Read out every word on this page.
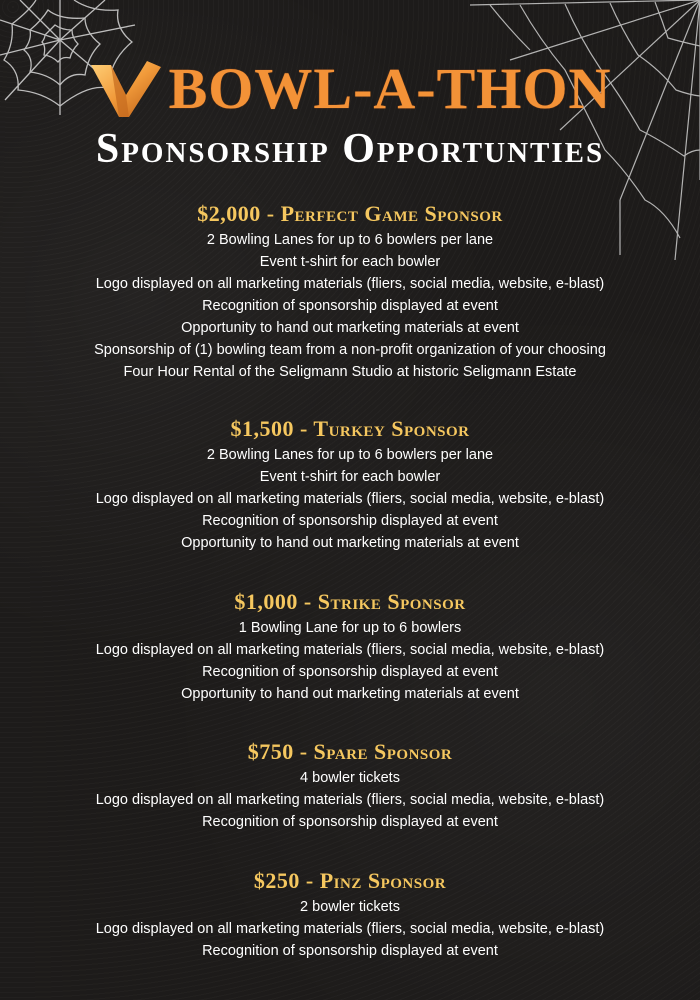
BOWL-A-THON
Sponsorship Opportunties
$2,000 - Perfect Game Sponsor
2 Bowling Lanes for up to 6 bowlers per lane
Event t-shirt for each bowler
Logo displayed on all marketing materials (fliers, social media, website, e-blast)
Recognition of sponsorship displayed at event
Opportunity to hand out marketing materials at event
Sponsorship of (1) bowling team from a non-profit organization of your choosing
Four Hour Rental of the Seligmann Studio at historic Seligmann Estate
$1,500 - Turkey Sponsor
2 Bowling Lanes for up to 6 bowlers per lane
Event t-shirt for each bowler
Logo displayed on all marketing materials (fliers, social media, website, e-blast)
Recognition of sponsorship displayed at event
Opportunity to hand out marketing materials at event
$1,000 - Strike Sponsor
1 Bowling Lane for up to 6 bowlers
Logo displayed on all marketing materials (fliers, social media, website, e-blast)
Recognition of sponsorship displayed at event
Opportunity to hand out marketing materials at event
$750 - Spare Sponsor
4 bowler tickets
Logo displayed on all marketing materials (fliers, social media, website, e-blast)
Recognition of sponsorship displayed at event
$250 - Pinz Sponsor
2 bowler tickets
Logo displayed on all marketing materials (fliers, social media, website, e-blast)
Recognition of sponsorship displayed at event
